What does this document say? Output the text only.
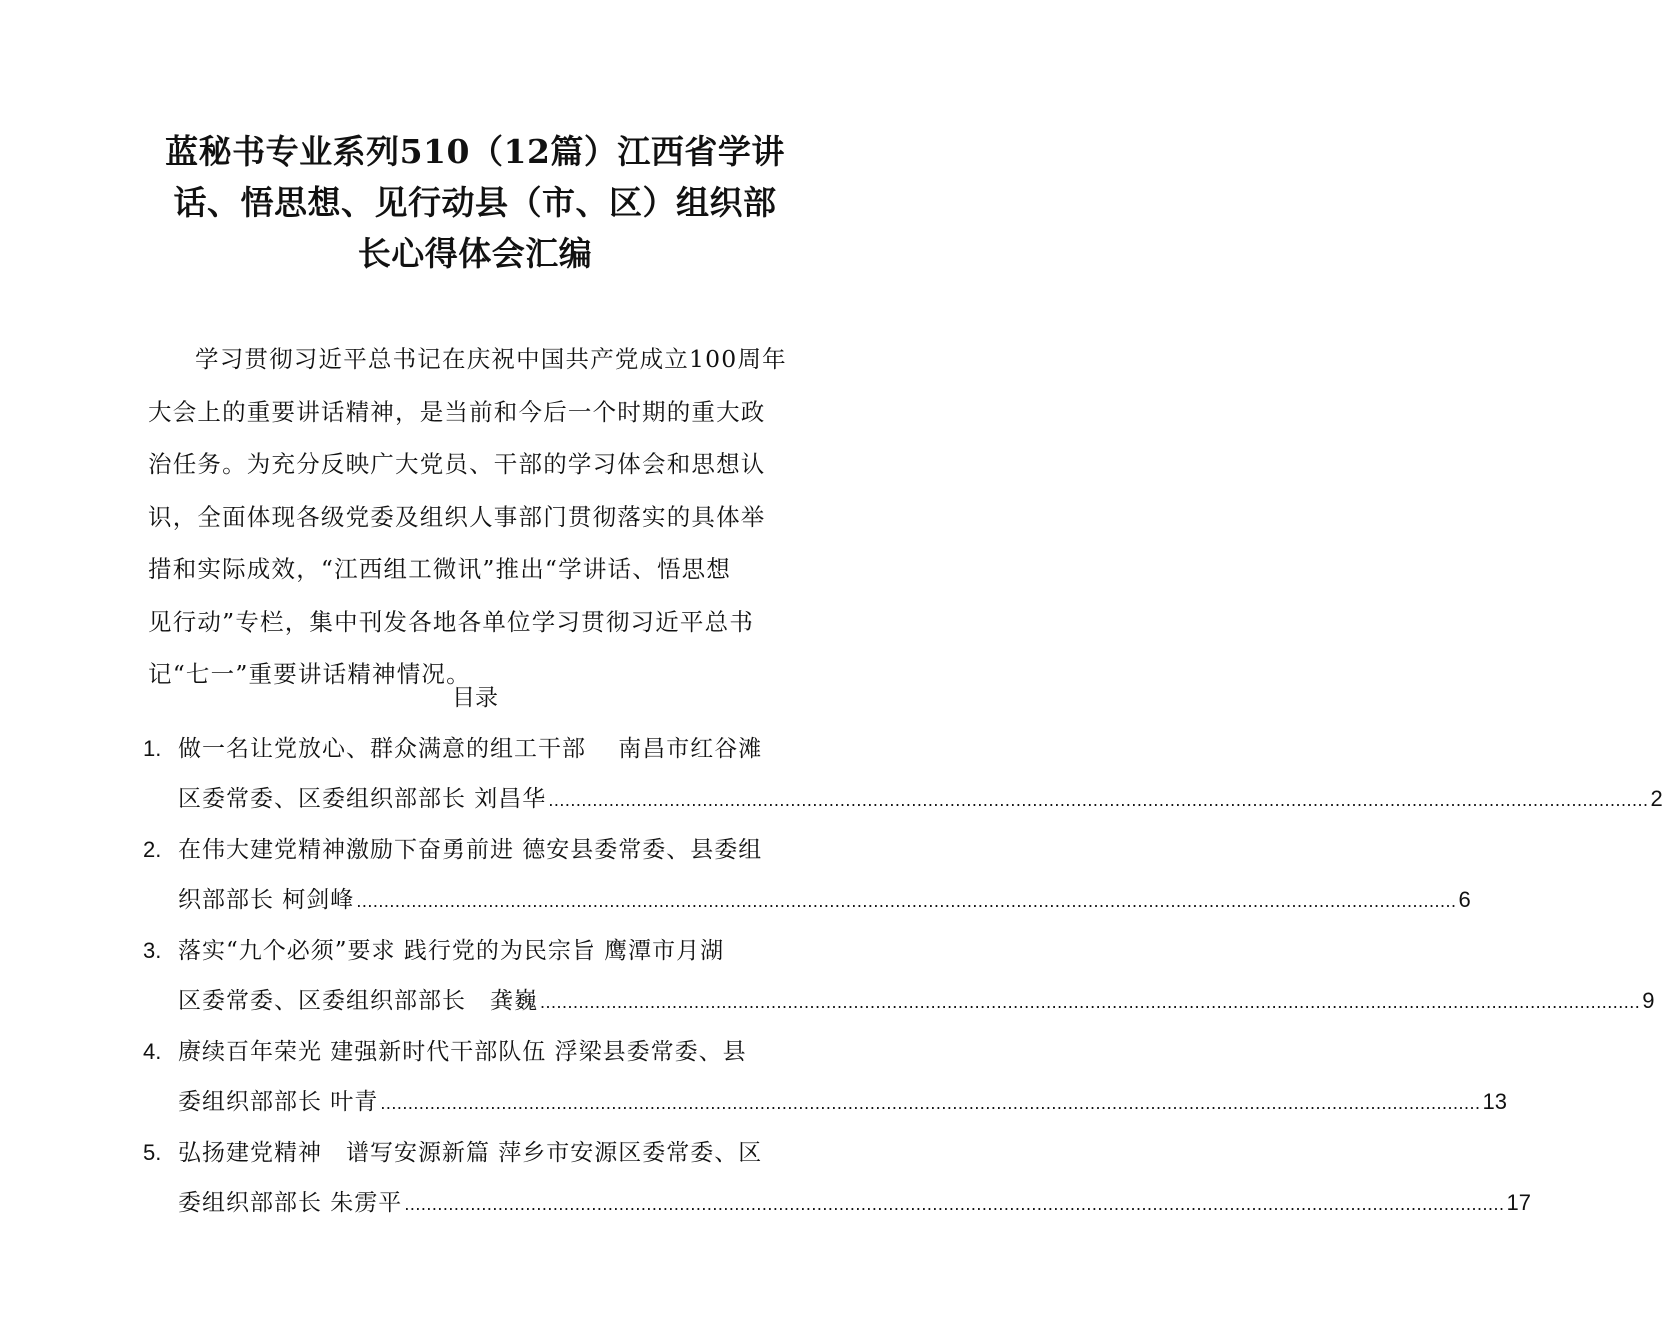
蓝秘书专业系列510（12篇）江西省学讲
话、悟思想、见行动县（市、区）组织部
长心得体会汇编
学习贯彻习近平总书记在庆祝中国共产党成立100周年
大会上的重要讲话精神，是当前和今后一个时期的重大政
治任务。为充分反映广大党员、干部的学习体会和思想认
识，全面体现各级党委及组织人事部门贯彻落实的具体举
措和实际成效，“江西组工微讯”推出“学讲话、悟思想
见行动”专栏，集中刊发各地各单位学习贯彻习近平总书
记“七一”重要讲话精神情况。
目录
1. 做一名让党放心、群众满意的组工干部　 南昌市红谷滩
区委常委、区委组织部部长 刘昌华 ........................................................................................................................................................................................................ 2
2. 在伟大建党精神激励下奋勇前进 德安县委常委、县委组
织部部长 柯剑峰 ........................................................................................................................................................................................................ 6
3. 落实“九个必须”要求 践行党的为民宗旨 鹰潭市月湖
区委常委、区委组织部部长　龚巍 ........................................................................................................................................................................................................ 9
4. 赓续百年荣光 建强新时代干部队伍 浮梁县委常委、县
委组织部部长 叶青 ........................................................................................................................................................................................................ 13
5. 弘扬建党精神　谱写安源新篇 萍乡市安源区委常委、区
委组织部部长 朱雳平 ........................................................................................................................................................................................................ 17
